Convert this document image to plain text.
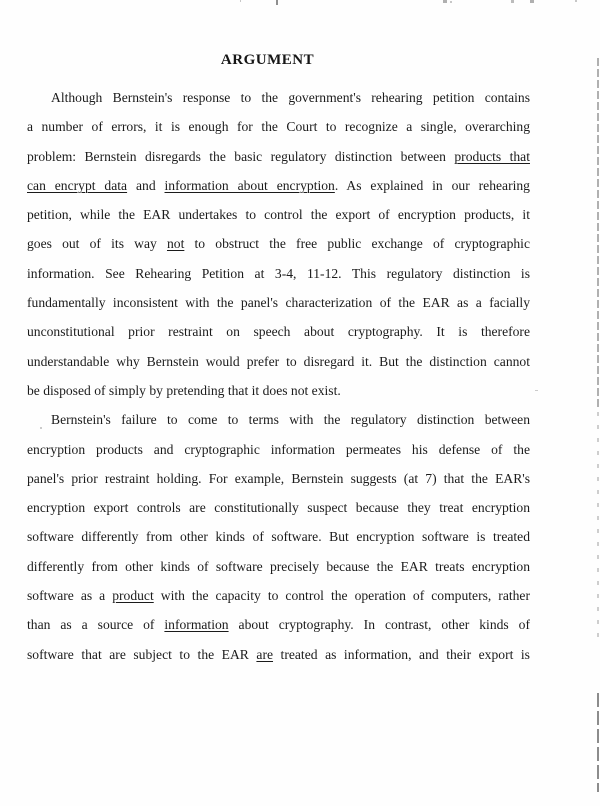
ARGUMENT
Although Bernstein's response to the government's rehearing petition contains
a number of errors, it is enough for the Court to recognize a single, overarching
problem: Bernstein disregards the basic regulatory distinction between products that
can encrypt data and information about encryption. As explained in our rehearing
petition, while the EAR undertakes to control the export of encryption products, it
goes out of its way not to obstruct the free public exchange of cryptographic
information. See Rehearing Petition at 3-4, 11-12. This regulatory distinction is
fundamentally inconsistent with the panel's characterization of the EAR as a facially
unconstitutional prior restraint on speech about cryptography. It is therefore
understandable why Bernstein would prefer to disregard it. But the distinction cannot
be disposed of simply by pretending that it does not exist.
Bernstein's failure to come to terms with the regulatory distinction between
encryption products and cryptographic information permeates his defense of the
panel's prior restraint holding. For example, Bernstein suggests (at 7) that the EAR's
encryption export controls are constitutionally suspect because they treat encryption
software differently from other kinds of software. But encryption software is treated
differently from other kinds of software precisely because the EAR treats encryption
software as a product with the capacity to control the operation of computers, rather
than as a source of information about cryptography. In contrast, other kinds of
software that are subject to the EAR are treated as information, and their export is
